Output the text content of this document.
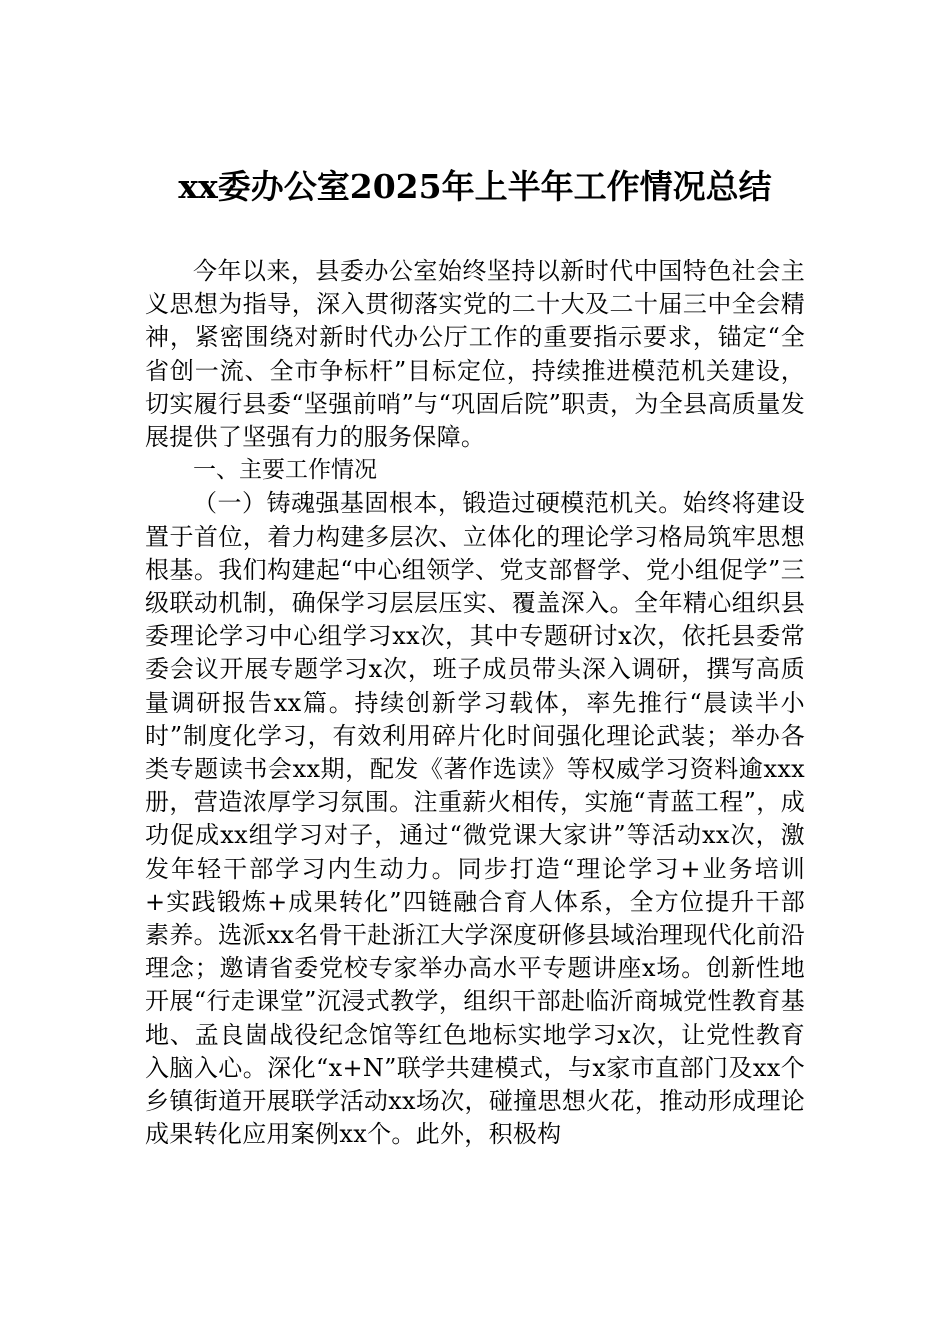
xx委办公室2025年上半年工作情况总结

今年以来，县委办公室始终坚持以新时代中国特色社会主义思想为指导，深入贯彻落实党的二十大及二十届三中全会精神，紧密围绕对新时代办公厅工作的重要指示要求，锚定“全省创一流、全市争标杆”目标定位，持续推进模范机关建设，切实履行县委“坚强前哨”与“巩固后院”职责，为全县高质量发展提供了坚强有力的服务保障。

一、主要工作情况

（一）铸魂强基固根本，锻造过硬模范机关。始终将建设置于首位，着力构建多层次、立体化的理论学习格局筑牢思想根基。我们构建起“中心组领学、党支部督学、党小组促学”三级联动机制，确保学习层层压实、覆盖深入。全年精心组织县委理论学习中心组学习xx次，其中专题研讨x次，依托县委常委会议开展专题学习x次，班子成员带头深入调研，撰写高质量调研报告xx篇。持续创新学习载体，率先推行“晨读半小时”制度化学习，有效利用碎片化时间强化理论武装；举办各类专题读书会xx期，配发《著作选读》等权威学习资料逾xxx册，营造浓厚学习氛围。注重薪火相传，实施“青蓝工程”，成功促成xx组学习对子，通过“微党课大家讲”等活动xx次，激发年轻干部学习内生动力。同步打造“理论学习+业务培训+实践锻炼+成果转化”四链融合育人体系，全方位提升干部素养。选派xx名骨干赴浙江大学深度研修县域治理现代化前沿理念；邀请省委党校专家举办高水平专题讲座x场。创新性地开展“行走课堂”沉浸式教学，组织干部赴临沂商城党性教育基地、孟良崮战役纪念馆等红色地标实地学习x次，让党性教育入脑入心。深化“x+N”联学共建模式，与x家市直部门及xx个乡镇街道开展联学活动xx场次，碰撞思想火花，推动形成理论成果转化应用案例xx个。此外，积极构
